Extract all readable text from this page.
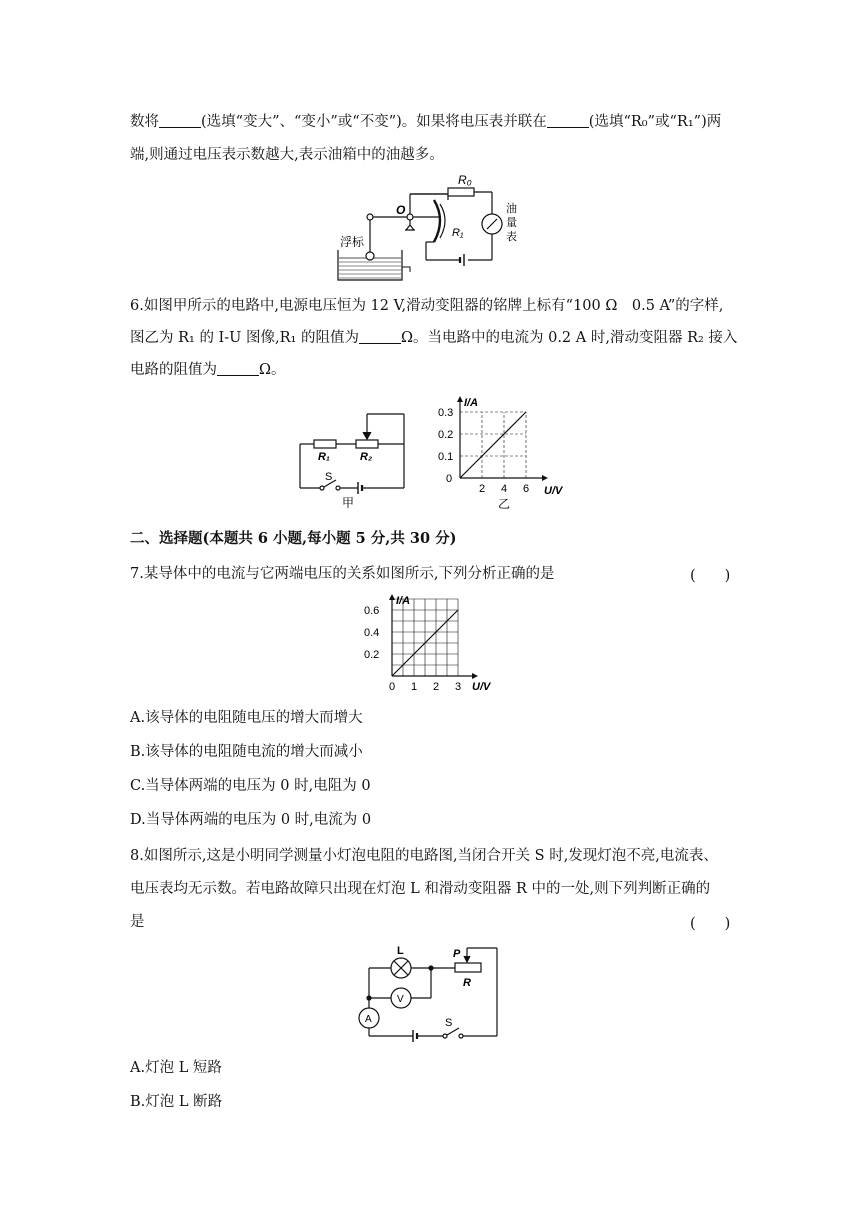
数将	(选填“变大”、“变小”或“不变”)。如果将电压表并联在	(选填“R₀”或“R₁”)两
端,则通过电压表示数越大,表示油箱中的油越多。
R₀
O
R₁
浮标
油
量
表
6.如图甲所示的电路中,电源电压恒为 12 V,滑动变阻器的铭牌上标有“100 Ω　0.5 A”的字样,
图乙为 R₁ 的 I-U 图像,R₁ 的阻值为	Ω。当电路中的电流为 0.2 A 时,滑动变阻器 R₂ 接入
电路的阻值为	Ω。
R₁	R₂
S
甲
0.1
0.2
0.3
2 4 6
0
I/A
U/V
乙
二、选择题(本题共 6 小题,每小题 5 分,共 30 分)
7.某导体中的电流与它两端电压的关系如图所示,下列分析正确的是	(　　)
0.2
0.4
0.6
0 1 2 3
I/A
U/V
A.该导体的电阻随电压的增大而增大
B.该导体的电阻随电流的增大而减小
C.当导体两端的电压为 0 时,电阻为 0
D.当导体两端的电压为 0 时,电流为 0
8.如图所示,这是小明同学测量小灯泡电阻的电路图,当闭合开关 S 时,发现灯泡不亮,电流表、
电压表均无示数。若电路故障只出现在灯泡 L 和滑动变阻器 R 中的一处,则下列判断正确的
是	(　　)
L	P
R
V
A	S
A.灯泡 L 短路
B.灯泡 L 断路
